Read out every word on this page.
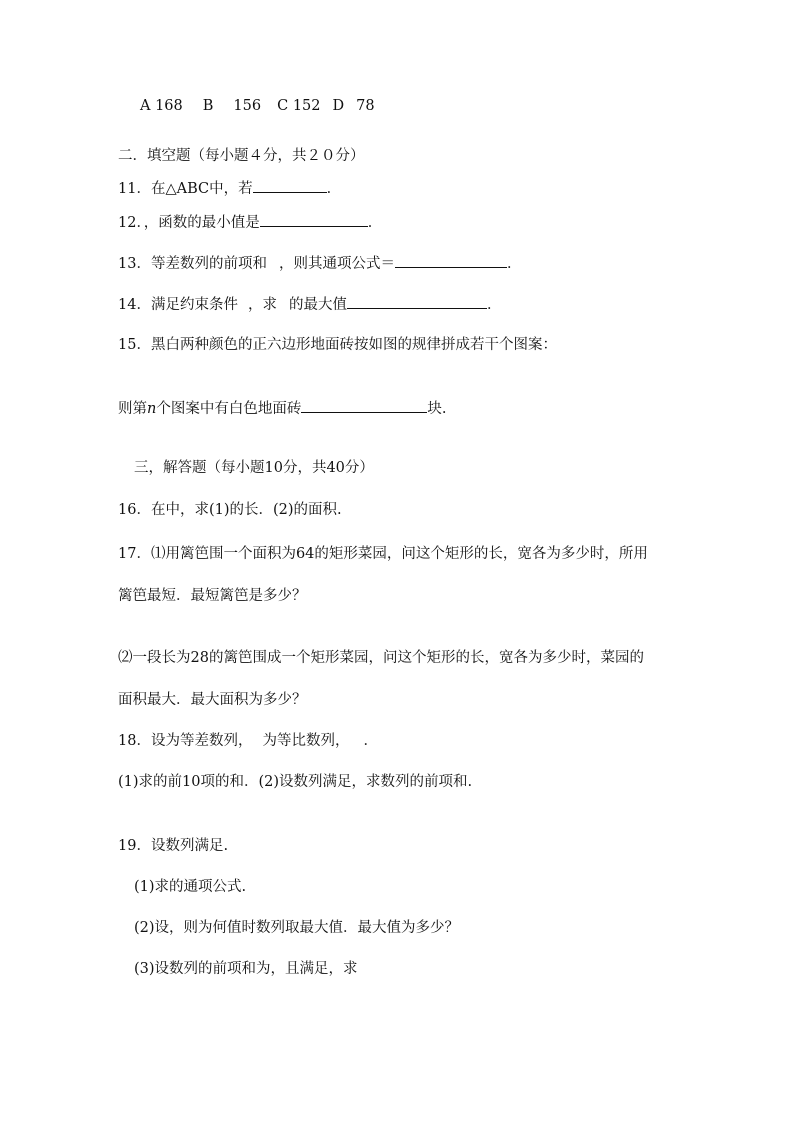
A 168 B 156 C 152 D 78
二．填空题（每小题４分，共２０分）
11．在△ABC中，若	．
12．，函数的最小值是	．
13．等差数列的前项和 ，则其通项公式＝	．
14．满足约束条件 ，求 的最大值	．
15．黑白两种颜色的正六边形地面砖按如图的规律拼成若干个图案：
则第n个图案中有白色地面砖	块.
三，解答题（每小题10分，共40分）
16．在中，求(1)的长．(2)的面积.
17．⑴用篱笆围一个面积为64的矩形菜园，问这个矩形的长，宽各为多少时，所用
篱笆最短．最短篱笆是多少？
⑵一段长为28的篱笆围成一个矩形菜园，问这个矩形的长，宽各为多少时，菜园的
面积最大．最大面积为多少？
18．设为等差数列， 为等比数列， ．
(1)求的前10项的和．(2)设数列满足，求数列的前项和.
19．设数列满足.
(1)求的通项公式.
(2)设，则为何值时数列取最大值．最大值为多少？
(3)设数列的前项和为，且满足，求
